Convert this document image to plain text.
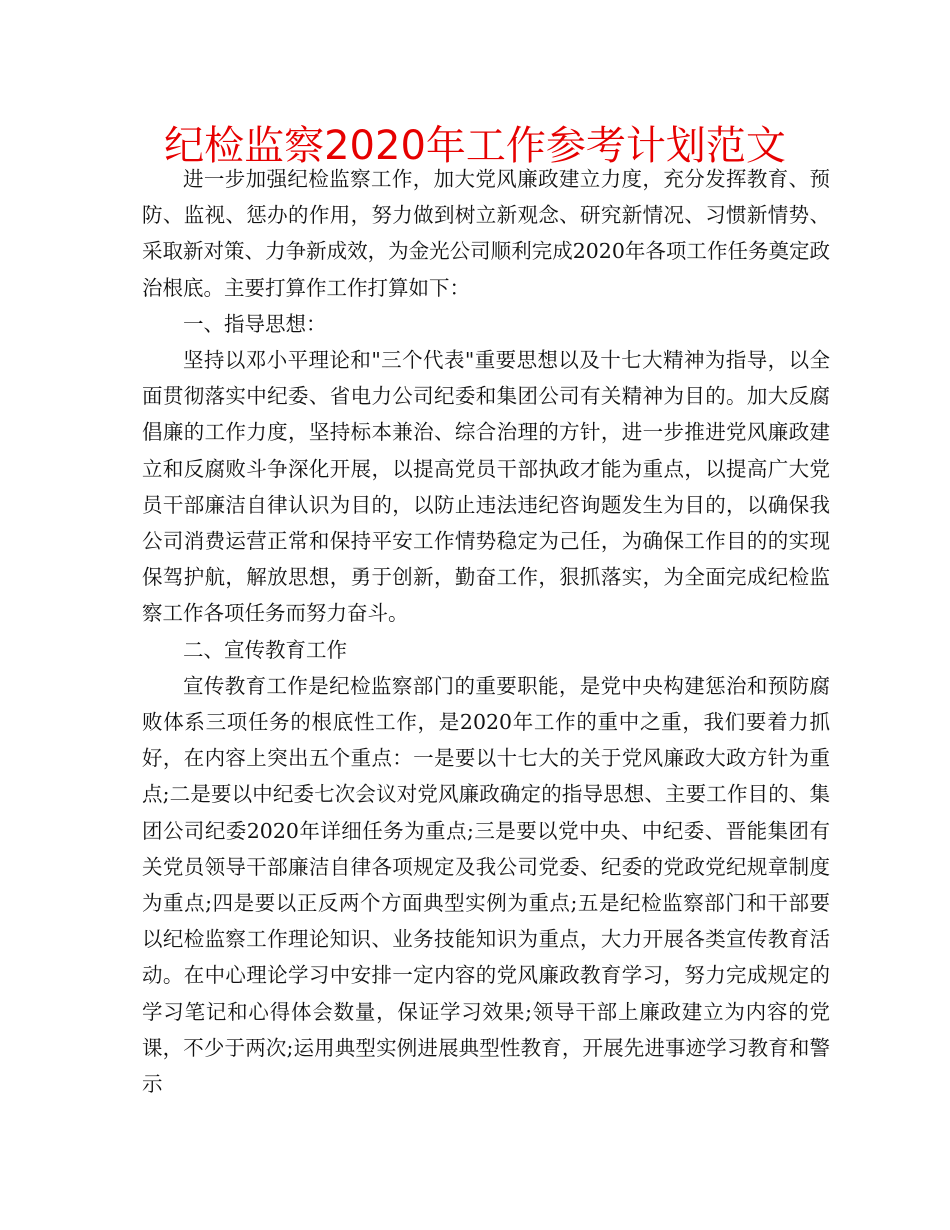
纪检监察2020年工作参考计划范文

进一步加强纪检监察工作，加大党风廉政建立力度，充分发挥教育、预防、监视、惩办的作用，努力做到树立新观念、研究新情况、习惯新情势、采取新对策、力争新成效，为金光公司顺利完成2020年各项工作任务奠定政治根底。主要打算作工作打算如下：

一、指导思想：

坚持以邓小平理论和"三个代表"重要思想以及十七大精神为指导，以全面贯彻落实中纪委、省电力公司纪委和集团公司有关精神为目的。加大反腐倡廉的工作力度，坚持标本兼治、综合治理的方针，进一步推进党风廉政建立和反腐败斗争深化开展，以提高党员干部执政才能为重点，以提高广大党员干部廉洁自律认识为目的，以防止违法违纪咨询题发生为目的，以确保我公司消费运营正常和保持平安工作情势稳定为己任，为确保工作目的的实现保驾护航，解放思想，勇于创新，勤奋工作，狠抓落实，为全面完成纪检监察工作各项任务而努力奋斗。

二、宣传教育工作

宣传教育工作是纪检监察部门的重要职能，是党中央构建惩治和预防腐败体系三项任务的根底性工作，是2020年工作的重中之重，我们要着力抓好，在内容上突出五个重点：一是要以十七大的关于党风廉政大政方针为重点;二是要以中纪委七次会议对党风廉政确定的指导思想、主要工作目的、集团公司纪委2020年详细任务为重点;三是要以党中央、中纪委、晋能集团有关党员领导干部廉洁自律各项规定及我公司党委、纪委的党政党纪规章制度为重点;四是要以正反两个方面典型实例为重点;五是纪检监察部门和干部要以纪检监察工作理论知识、业务技能知识为重点，大力开展各类宣传教育活动。在中心理论学习中安排一定内容的党风廉政教育学习，努力完成规定的学习笔记和心得体会数量，保证学习效果;领导干部上廉政建立为内容的党课，不少于两次;运用典型实例进展典型性教育，开展先进事迹学习教育和警示
